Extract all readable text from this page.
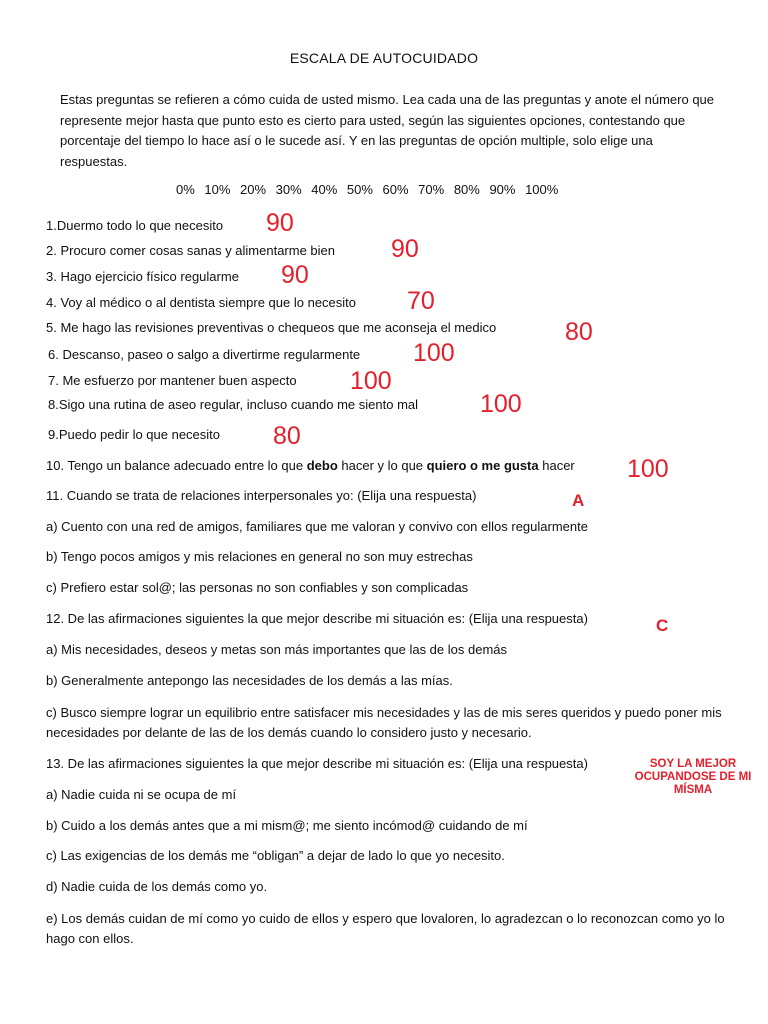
ESCALA DE AUTOCUIDADO
Estas preguntas se refieren a cómo cuida de usted mismo. Lea cada una de las preguntas y anote el número que represente mejor hasta que punto esto es cierto para usted, según las siguientes opciones, contestando que porcentaje del tiempo lo hace así o le sucede así. Y en las preguntas de opción multiple, solo elige una respuestas.
0% 10% 20% 30% 40% 50% 60% 70% 80% 90% 100%
1.Duermo todo lo que necesito 90
2. Procuro comer cosas sanas y alimentarme bien 90
3. Hago ejercicio físico regularme 90
4. Voy al médico o al dentista siempre que lo necesito 70
5. Me hago las revisiones preventivas o chequeos que me aconseja el medico	80
6. Descanso, paseo o salgo a divertirme regularmente 100
7. Me esfuerzo por mantener buen aspecto 100
8.Sigo una rutina de aseo regular, incluso cuando me siento mal 100
9.Puedo pedir lo que necesito 80
10. Tengo un balance adecuado entre lo que debo hacer y lo que quiero o me gusta hacer 100
11. Cuando se trata de relaciones interpersonales yo: (Elija una respuesta)	A
a) Cuento con una red de amigos, familiares que me valoran y convivo con ellos regularmente
b) Tengo pocos amigos y mis relaciones en general no son muy estrechas
c) Prefiero estar sol@; las personas no son confiables y son complicadas
12. De las afirmaciones siguientes la que mejor describe mi situación es: (Elija una respuesta)	C
a) Mis necesidades, deseos y metas son más importantes que las de los demás
b) Generalmente antepongo las necesidades de los demás a las mías.
c) Busco siempre lograr un equilibrio entre satisfacer mis necesidades y las de mis seres queridos y puedo poner mis necesidades por delante de las de los demás cuando lo considero justo y necesario.
13. De las afirmaciones siguientes la que mejor describe mi situación es: (Elija una respuesta)	SOY LA MEJOR
OCUPANDOSE DE MI
MÍSMA
a) Nadie cuida ni se ocupa de mí
b) Cuido a los demás antes que a mi mism@; me siento incómod@ cuidando de mí
c) Las exigencias de los demás me “obligan” a dejar de lado lo que yo necesito.
d) Nadie cuida de los demás como yo.
e) Los demás cuidan de mí como yo cuido de ellos y espero que lovaloren, lo agradezcan o lo reconozcan como yo lo hago con ellos.
